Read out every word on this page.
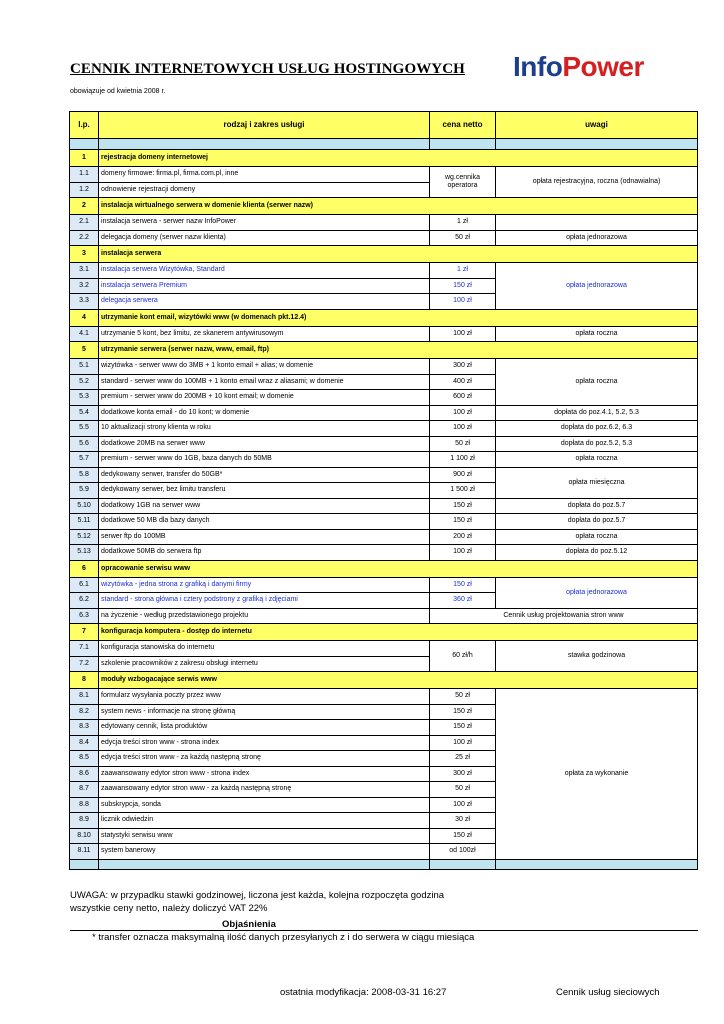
CENNIK INTERNETOWYCH USŁUG HOSTINGOWYCH InfoPower
obowiązuje od kwietnia 2008 r.
l.p.	rodzaj i zakres usługi	cena netto	uwagi

1	rejestracja domeny internetowej		
1.1	domeny firmowe: firma.pl, firma.com.pl, inne	wg.cennika operatora	opłata rejestracyjna, roczna (odnawialna)
1.2	odnowienie rejestracji domeny		
2	instalacja wirtualnego serwera w domenie klienta (serwer nazw)		
2.1	instalacja serwera - serwer nazw InfoPower	1 zł	
2.2	delegacja domeny (serwer nazw klienta)	50 zł	opłata jednorazowa
3	instalacja serwera		
3.1	instalacja serwera Wizytówka, Standard	1 zł	opłata jednorazowa
3.2	instalacja serwera Premium	150 zł	
3.3	delegacja serwera	100 zł	
4	utrzymanie kont email, wizytówki www (w domenach pkt.12.4)		
4.1	utrzymanie 5 kont, bez limitu, ze skanerem antywirusowym	100 zł	opłata roczna
5	utrzymanie serwera (serwer nazw, www, email, ftp)		
5.1	wizytówka - serwer www do 3MB + 1 konto email + alias; w domenie	300 zł	opłata roczna
5.2	standard - serwer www do 100MB + 1 konto email wraz z aliasami; w domenie	400 zł	
5.3	premium - serwer www do 200MB + 10 kont email; w domenie	600 zł	
5.4	dodatkowe konta email - do 10 kont; w domenie	100 zł	dopłata do poz.4.1, 5.2, 5.3
5.5	10 aktualizacji strony klienta w roku	100 zł	dopłata do poz.6.2, 6.3
5.6	dodatkowe 20MB na serwer www	50 zł	dopłata do poz.5.2, 5.3
5.7	premium - serwer www do 1GB, baza danych do 50MB	1 100 zł	opłata roczna
5.8	dedykowany serwer, transfer do 50GB*	900 zł	opłata miesięczna
5.9	dedykowany serwer, bez limitu transferu	1 500 zł	
5.10	dodatkowy 1GB na serwer www	150 zł	dopłata do poz.5.7
5.11	dodatkowe 50 MB dla bazy danych	150 zł	dopłata do poz.5.7
5.12	serwer ftp do 100MB	200 zł	opłata roczna
5.13	dodatkowe 50MB do serwera ftp	100 zł	dopłata do poz.5.12
6	opracowanie serwisu www		
6.1	wizytówka - jedna strona z grafiką i danymi firmy	150 zł	opłata jednorazowa
6.2	standard - strona główna i cztery podstrony z grafiką i zdjęciami	360 zł	
6.3	na życzenie - według przedstawionego projektu	Cennik usług projektowania stron www	
7	konfiguracja komputera - dostęp do internetu		
7.1	konfiguracja stanowiska do internetu	60 zł/h	stawka godzinowa
7.2	szkolenie pracowników z zakresu obsługi internetu		
8	moduły wzbogacające serwis www		
8.1	formularz wysyłania poczty przez www	50 zł	opłata za wykonanie
8.2	system news - informacje na stronę główną	150 zł	
8.3	edytowany cennik, lista produktów	150 zł	
8.4	edycja treści stron www - strona index	100 zł	
8.5	edycja treści stron www - za każdą następną stronę	25 zł	
8.6	zaawansowany edytor stron www - strona index	300 zł	
8.7	zaawansowany edytor stron www - za każdą następną stronę	50 zł	
8.8	subskrypcja, sonda	100 zł	
8.9	licznik odwiedzin	30 zł	
8.10	statystyki serwisu www	150 zł	
8.11	system banerowy	od 100zł	

UWAGA: w przypadku stawki godzinowej, liczona jest każda, kolejna rozpoczęta godzina
wszystkie ceny netto, należy doliczyć VAT 22%
Objaśnienia
* transfer oznacza maksymalną ilość danych przesyłanych z i do serwera w ciągu miesiąca
ostatnia modyfikacja: 2008-03-31 16:27	Cennik usług sieciowych
